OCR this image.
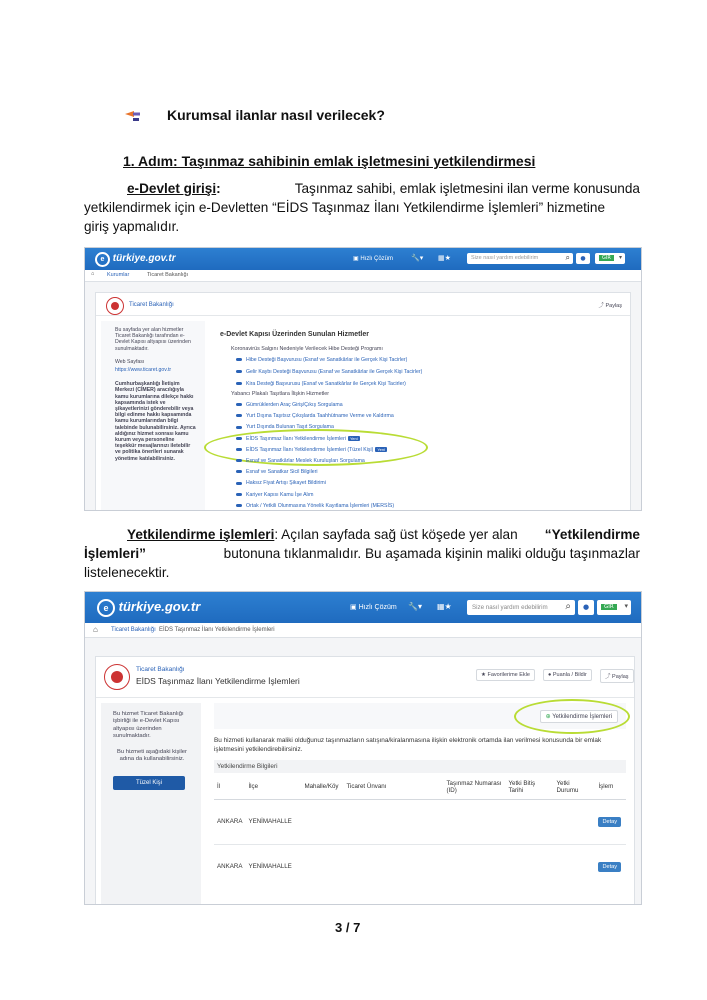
Kurumsal ilanlar nasıl verilecek?
1. Adım: Taşınmaz sahibinin emlak işletmesini yetkilendirmesi
e-Devlet girişi:	Taşınmaz sahibi, emlak işletmesini ilan verme konusunda
yetkilendirmek için e-Devletten “EİDS Taşınmaz İlanı Yetkilendirme İşlemleri” hizmetine
giriş yapmalıdır.
e türkiye.gov.tr	▣ Hızlı Çözüm	🔧▾ ▦★	Size nasıl yardım edebilirim	⌕	●	GİR	▾
⌂ Kurumlar	Ticaret Bakanlığı
Ticaret Bakanlığı	⤴ Paylaş
Bu sayfada yer alan hizmetler Ticaret Bakanlığı tarafından e-Devlet Kapısı altyapısı üzerinden sunulmaktadır.
Web Sayfası
https://www.ticaret.gov.tr
Cumhurbaşkanlığı İletişim Merkezi (CİMER) aracılığıyla kamu kurumlarına dilekçe hakkı kapsamında istek ve şikayetlerinizi gönderebilir veya bilgi edinme hakkı kapsamında kamu kurumlarından bilgi talebinde bulunabilirsiniz. Ayrıca aldığınız hizmet sonrası kamu kurum veya personeline teşekkür mesajlarınızı iletebilir ve politika önerileri sunarak yönetime katılabilirsiniz.
e-Devlet Kapısı Üzerinden Sunulan Hizmetler
Koronavirüs Salgını Nedeniyle Verilecek Hibe Desteği Programı
Yabancı Plakalı Taşıtlara İlişkin Hizmetler
Hibe Desteği Başvurusu (Esnaf ve Sanatkârlar ile Gerçek Kişi Tacirler)
Gelir Kaybı Desteği Başvurusu (Esnaf ve Sanatkârlar ile Gerçek Kişi Tacirler)
Kira Desteği Başvurusu (Esnaf ve Sanatkârlar ile Gerçek Kişi Tacirler)
Gümrüklerden Araç Giriş/Çıkış Sorgulama
Yurt Dışına Taşıtsız Çıkışlarda Taahhütname Verme ve Kaldırma
Yurt Dışında Bulunan Taşıt Sorgulama
EİDS Taşınmaz İlanı Yetkilendirme İşlemleri Yeni
EİDS Taşınmaz İlanı Yetkilendirme İşlemleri (Tüzel Kişi) Yeni
Esnaf ve Sanatkârlar Meslek Kuruluşları Sorgulama
Esnaf ve Sanatkar Sicil Bilgileri
Haksız Fiyat Artışı Şikayet Bildirimi
Kariyer Kapısı Kamu İşe Alım
Ortak / Yetkili Olunmasına Yönelik Kayıtlama İşlemleri (MERSİS)
Yetkilendirme işlemleri: Açılan sayfada sağ üst köşede yer alan “Yetkilendirme
İşlemleri”	butonuna tıklanmalıdır. Bu aşamada kişinin maliki olduğu taşınmazlar
listelenecektir.
e türkiye.gov.tr	▣ Hızlı Çözüm 🔧▾ ▦★	Size nasıl yardım edebilirim ⌕	●	GİR	▾
⌂ Ticaret Bakanlığı EİDS Taşınmaz İlanı Yetkilendirme İşlemleri
Ticaret Bakanlığı
EİDS Taşınmaz İlanı Yetkilendirme İşlemleri
★ Favorilerime Ekle	● Puanla / Bildir	⤴ Paylaş
Bu hizmet Ticaret Bakanlığı işbirliği ile e-Devlet Kapısı altyapısı üzerinden sunulmaktadır.
Bu hizmeti aşağıdaki kişiler adına da kullanabilirsiniz.
Tüzel Kişi
⊕ Yetkilendirme İşlemleri
Bu hizmeti kullanarak maliki olduğunuz taşınmazların satışına/kiralanmasına ilişkin elektronik ortamda ilan verilmesi konusunda bir emlak işletmesini yetkilendirebilirsiniz.
Yetkilendirme Bilgileri
İl	İlçe	Mahalle/Köy	Ticaret Ünvanı	Taşınmaz Numarası (ID)	Yetki Bitiş Tarihi	Yetki Durumu	İşlem
ANKARA	YENİMAHALLE						Detay
ANKARA	YENİMAHALLE						Detay
3 / 7
